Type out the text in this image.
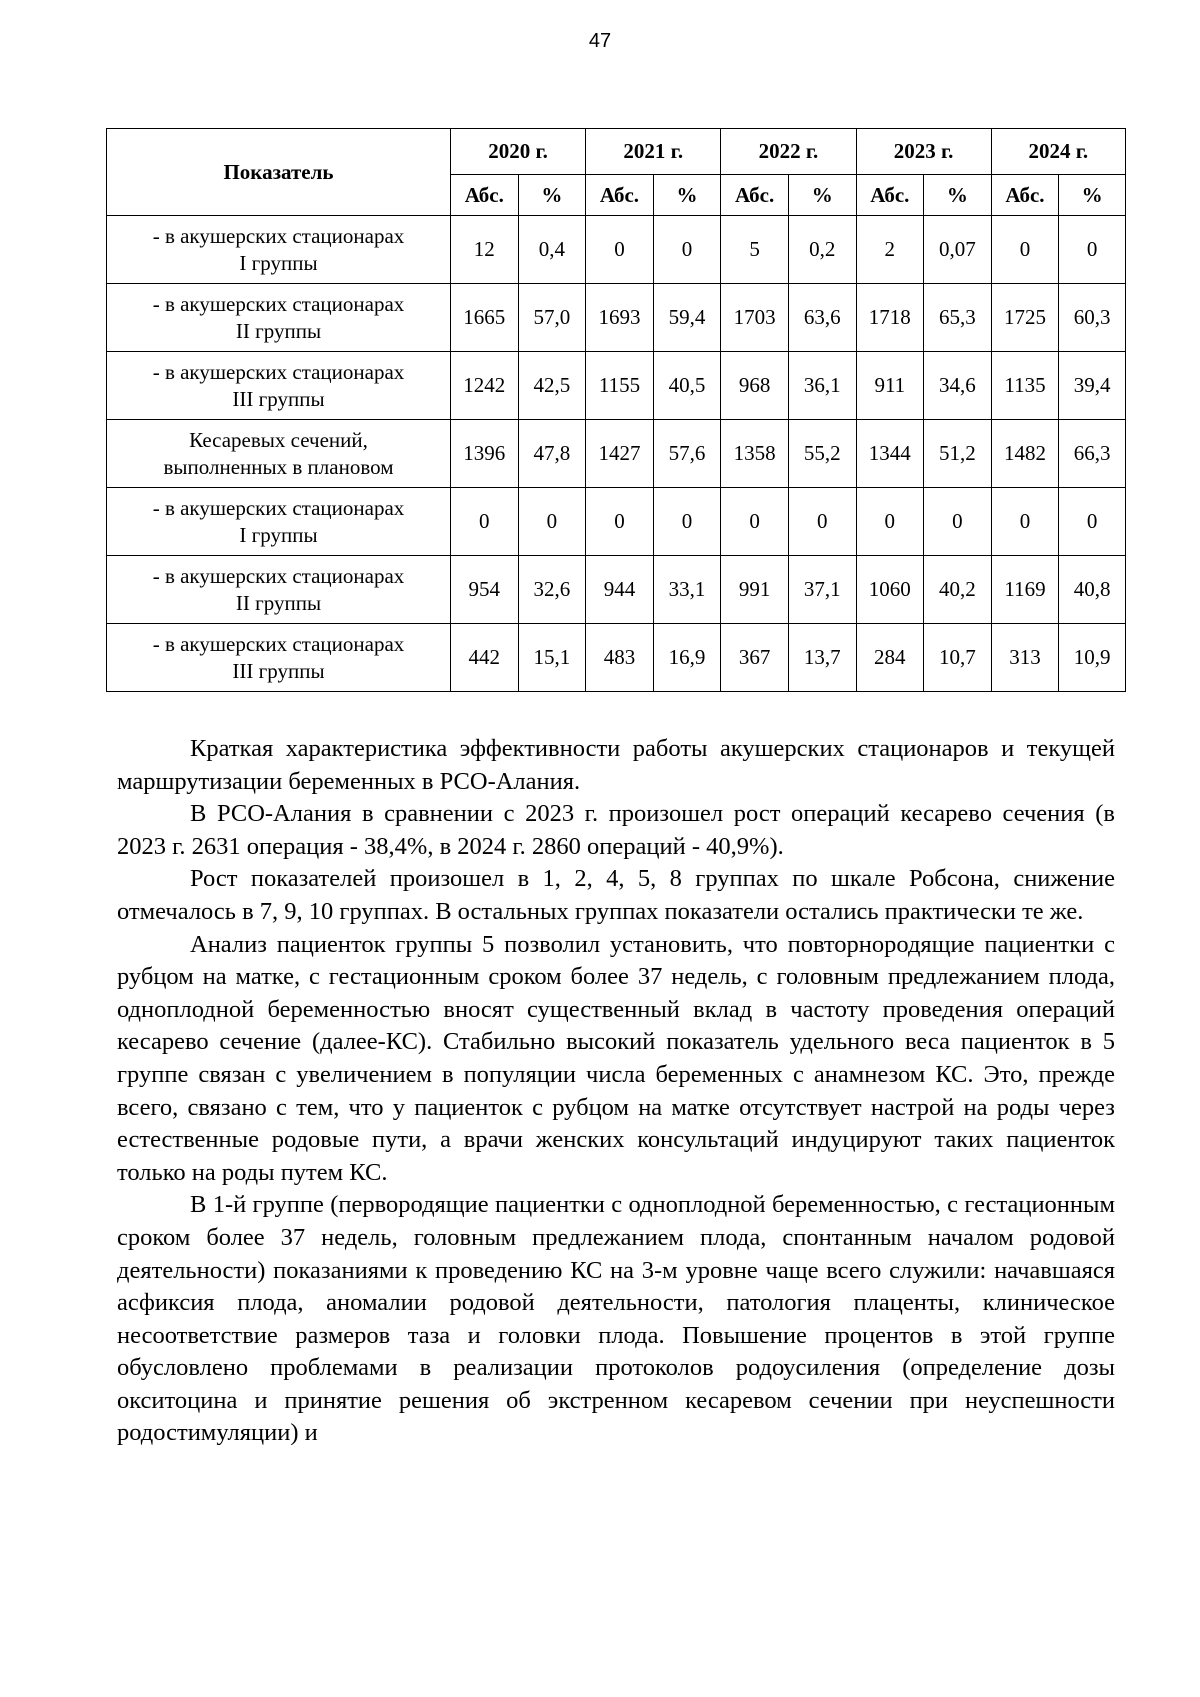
47
Показатель	2020 г.		2021 г.		2022 г.		2023 г.		2024 г.	
	Абс.	%	Абс.	%	Абс.	%	Абс.	%	Абс.	%
- в акушерских стационарах
I группы	12	0,4	0	0	5	0,2	2	0,07	0	0
- в акушерских стационарах
II группы	1665	57,0	1693	59,4	1703	63,6	1718	65,3	1725	60,3
- в акушерских стационарах
III группы	1242	42,5	1155	40,5	968	36,1	911	34,6	1135	39,4
Кесаревых сечений,
выполненных в плановом	1396	47,8	1427	57,6	1358	55,2	1344	51,2	1482	66,3
- в акушерских стационарах
I группы	0	0	0	0	0	0	0	0	0	0
- в акушерских стационарах
II группы	954	32,6	944	33,1	991	37,1	1060	40,2	1169	40,8
- в акушерских стационарах
III группы	442	15,1	483	16,9	367	13,7	284	10,7	313	10,9

Краткая характеристика эффективности работы акушерских стационаров и текущей маршрутизации беременных в РСО-Алания.

В РСО-Алания в сравнении с 2023 г. произошел рост операций кесарево сечения (в 2023 г. 2631 операция - 38,4%, в 2024 г. 2860 операций - 40,9%).

Рост показателей произошел в 1, 2, 4, 5, 8 группах по шкале Робсона, снижение отмечалось в 7, 9, 10 группах. В остальных группах показатели остались практически те же.

Анализ пациенток группы 5 позволил установить, что повторнородящие пациентки с рубцом на матке, с гестационным сроком более 37 недель, с головным предлежанием плода, одноплодной беременностью вносят существенный вклад в частоту проведения операций кесарево сечение (далее-КС). Стабильно высокий показатель удельного веса пациенток в 5 группе связан с увеличением в популяции числа беременных с анамнезом КС. Это, прежде всего, связано с тем, что у пациенток с рубцом на матке отсутствует настрой на роды через естественные родовые пути, а врачи женских консультаций индуцируют таких пациенток только на роды путем КС.

В 1-й группе (первородящие пациентки с одноплодной беременностью, с гестационным сроком более 37 недель, головным предлежанием плода, спонтанным началом родовой деятельности) показаниями к проведению КС на 3-м уровне чаще всего служили: начавшаяся асфиксия плода, аномалии родовой деятельности, патология плаценты, клиническое несоответствие размеров таза и головки плода. Повышение процентов в этой группе обусловлено проблемами в реализации протоколов родоусиления (определение дозы окситоцина и принятие решения об экстренном кесаревом сечении при неуспешности родостимуляции) и
